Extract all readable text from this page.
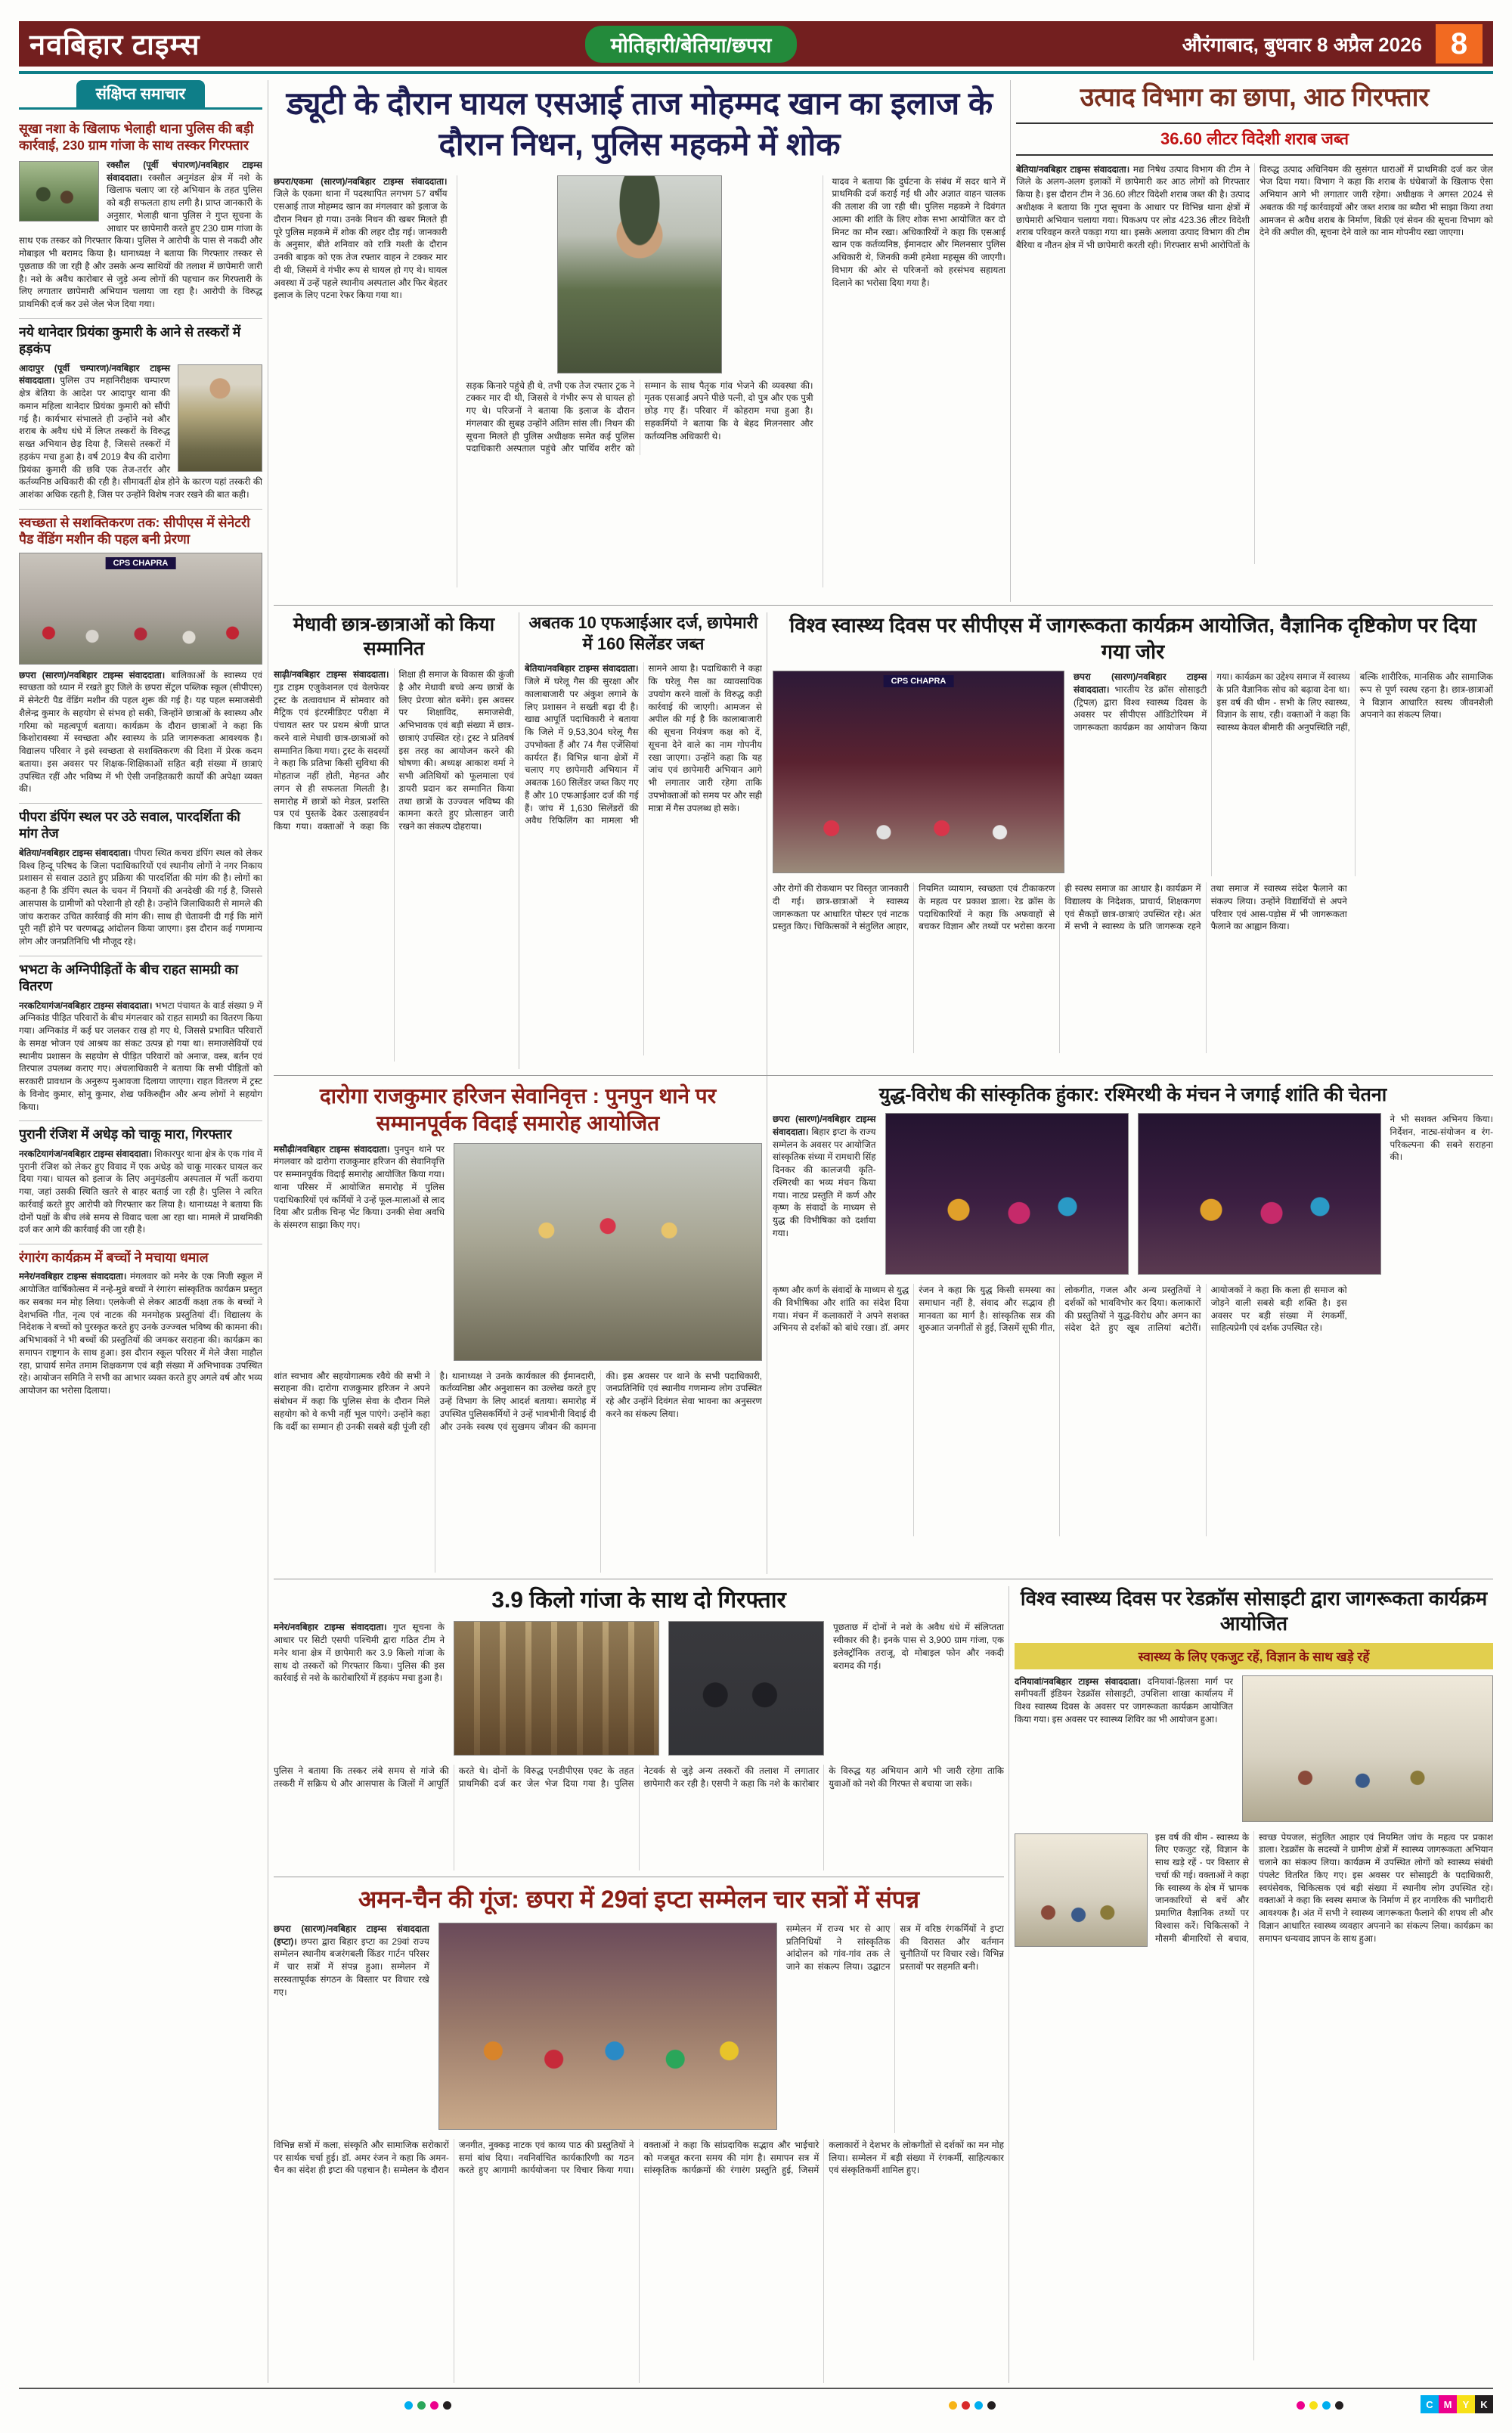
नवबिहार टाइम्स	मोतिहारी/बेतिया/छपरा	औरंगाबाद, बुधवार 8 अप्रैल 2026 8
संक्षिप्त समाचार
सूखा नशा के खिलाफ भेलाही थाना पुलिस की बड़ी कार्रवाई, 230 ग्राम गांजा के साथ तस्कर गिरफ्तार
रक्सौल (पूर्वी चंपारण)/नवबिहार टाइम्स संवाददाता। रक्सौल अनुमंडल क्षेत्र में नशे के खिलाफ चलाए जा रहे अभियान के तहत पुलिस को बड़ी सफलता हाथ लगी है। प्राप्त जानकारी के अनुसार, भेलाही थाना पुलिस ने गुप्त सूचना के आधार पर छापेमारी करते हुए 230 ग्राम गांजा के साथ एक तस्कर को गिरफ्तार किया। पुलिस ने आरोपी के पास से नकदी और मोबाइल भी बरामद किया है। थानाध्यक्ष ने बताया कि गिरफ्तार तस्कर से पूछताछ की जा रही है और उसके अन्य साथियों की तलाश में छापेमारी जारी है। नशे के अवैध कारोबार से जुड़े अन्य लोगों की पहचान कर गिरफ्तारी के लिए लगातार छापेमारी अभियान चलाया जा रहा है। आरोपी के विरुद्ध प्राथमिकी दर्ज कर उसे जेल भेज दिया गया।
नये थानेदार प्रियंका कुमारी के आने से तस्करों में हड़कंप
आदापुर (पूर्वी चम्पारण)/नवबिहार टाइम्स संवाददाता। पुलिस उप महानिरीक्षक चम्पारण क्षेत्र बेतिया के आदेश पर आदापुर थाना की कमान महिला थानेदार प्रियंका कुमारी को सौंपी गई है। कार्यभार संभालते ही उन्होंने नशे और शराब के अवैध धंधे में लिप्त तस्करों के विरुद्ध सख्त अभियान छेड़ दिया है, जिससे तस्करों में हड़कंप मचा हुआ है। वर्ष 2019 बैच की दारोगा प्रियंका कुमारी की छवि एक तेज-तर्रार और कर्तव्यनिष्ठ अधिकारी की रही है। सीमावर्ती क्षेत्र होने के कारण यहां तस्करी की आशंका अधिक रहती है, जिस पर उन्होंने विशेष नजर रखने की बात कही।
स्वच्छता से सशक्तिकरण तक: सीपीएस में सेनेटरी पैड वेंडिंग मशीन की पहल बनी प्रेरणा
CPS CHAPRA
छपरा (सारण)/नवबिहार टाइम्स संवाददाता। बालिकाओं के स्वास्थ्य एवं स्वच्छता को ध्यान में रखते हुए जिले के छपरा सेंट्रल पब्लिक स्कूल (सीपीएस) में सेनेटरी पैड वेंडिंग मशीन की पहल शुरू की गई है। यह पहल समाजसेवी शैलेन्द्र कुमार के सहयोग से संभव हो सकी, जिन्होंने छात्राओं के स्वास्थ्य और गरिमा को महत्वपूर्ण बताया। कार्यक्रम के दौरान छात्राओं ने कहा कि किशोरावस्था में स्वच्छता और स्वास्थ्य के प्रति जागरूकता आवश्यक है। विद्यालय परिवार ने इसे स्वच्छता से सशक्तिकरण की दिशा में प्रेरक कदम बताया। इस अवसर पर शिक्षक-शिक्षिकाओं सहित बड़ी संख्या में छात्राएं उपस्थित रहीं और भविष्य में भी ऐसी जनहितकारी कार्यों की अपेक्षा व्यक्त की।
पीपरा डंपिंग स्थल पर उठे सवाल, पारदर्शिता की मांग तेज
बेतिया/नवबिहार टाइम्स संवाददाता। पीपरा स्थित कचरा डंपिंग स्थल को लेकर विश्व हिन्दू परिषद के जिला पदाधिकारियों एवं स्थानीय लोगों ने नगर निकाय प्रशासन से सवाल उठाते हुए प्रक्रिया की पारदर्शिता की मांग की है। लोगों का कहना है कि डंपिंग स्थल के चयन में नियमों की अनदेखी की गई है, जिससे आसपास के ग्रामीणों को परेशानी हो रही है। उन्होंने जिलाधिकारी से मामले की जांच कराकर उचित कार्रवाई की मांग की। साथ ही चेतावनी दी गई कि मांगें पूरी नहीं होने पर चरणबद्ध आंदोलन किया जाएगा। इस दौरान कई गणमान्य लोग और जनप्रतिनिधि भी मौजूद रहे।
भभटा के अग्निपीड़ितों के बीच राहत सामग्री का वितरण
नरकटियागंज/नवबिहार टाइम्स संवाददाता। भभटा पंचायत के वार्ड संख्या 9 में अग्निकांड पीड़ित परिवारों के बीच मंगलवार को राहत सामग्री का वितरण किया गया। अग्निकांड में कई घर जलकर राख हो गए थे, जिससे प्रभावित परिवारों के समक्ष भोजन एवं आश्रय का संकट उत्पन्न हो गया था। समाजसेवियों एवं स्थानीय प्रशासन के सहयोग से पीड़ित परिवारों को अनाज, वस्त्र, बर्तन एवं तिरपाल उपलब्ध कराए गए। अंचलाधिकारी ने बताया कि सभी पीड़ितों को सरकारी प्रावधान के अनुरूप मुआवजा दिलाया जाएगा। राहत वितरण में ट्रस्ट के विनोद कुमार, सोनू कुमार, शेख फकिरुद्दीन और अन्य लोगों ने सहयोग किया।
पुरानी रंजिश में अधेड़ को चाकू मारा, गिरफ्तार
नरकटियागंज/नवबिहार टाइम्स संवाददाता। शिकारपुर थाना क्षेत्र के एक गांव में पुरानी रंजिश को लेकर हुए विवाद में एक अधेड़ को चाकू मारकर घायल कर दिया गया। घायल को इलाज के लिए अनुमंडलीय अस्पताल में भर्ती कराया गया, जहां उसकी स्थिति खतरे से बाहर बताई जा रही है। पुलिस ने त्वरित कार्रवाई करते हुए आरोपी को गिरफ्तार कर लिया है। थानाध्यक्ष ने बताया कि दोनों पक्षों के बीच लंबे समय से विवाद चला आ रहा था। मामले में प्राथमिकी दर्ज कर आगे की कार्रवाई की जा रही है।
रंगारंग कार्यक्रम में बच्चों ने मचाया धमाल
मनेर/नवबिहार टाइम्स संवाददाता। मंगलवार को मनेर के एक निजी स्कूल में आयोजित वार्षिकोत्सव में नन्हे-मुन्ने बच्चों ने रंगारंग सांस्कृतिक कार्यक्रम प्रस्तुत कर सबका मन मोह लिया। एलकेजी से लेकर आठवीं कक्षा तक के बच्चों ने देशभक्ति गीत, नृत्य एवं नाटक की मनमोहक प्रस्तुतियां दीं। विद्यालय के निदेशक ने बच्चों को पुरस्कृत करते हुए उनके उज्ज्वल भविष्य की कामना की। अभिभावकों ने भी बच्चों की प्रस्तुतियों की जमकर सराहना की। कार्यक्रम का समापन राष्ट्रगान के साथ हुआ। इस दौरान स्कूल परिसर में मेले जैसा माहौल रहा, प्राचार्य समेत तमाम शिक्षकगण एवं बड़ी संख्या में अभिभावक उपस्थित रहे। आयोजन समिति ने सभी का आभार व्यक्त करते हुए अगले वर्ष और भव्य आयोजन का भरोसा दिलाया।
ड्यूटी के दौरान घायल एसआई ताज मोहम्मद खान का इलाज के दौरान निधन, पुलिस महकमे में शोक
छपरा/एकमा (सारण)/नवबिहार टाइम्स संवाददाता। जिले के एकमा थाना में पदस्थापित लगभग 57 वर्षीय एसआई ताज मोहम्मद खान का मंगलवार को इलाज के दौरान निधन हो गया। उनके निधन की खबर मिलते ही पूरे पुलिस महकमे में शोक की लहर दौड़ गई। जानकारी के अनुसार, बीते शनिवार को रात्रि गश्ती के दौरान उनकी बाइक को एक तेज रफ्तार वाहन ने टक्कर मार दी थी, जिसमें वे गंभीर रूप से घायल हो गए थे। घायल अवस्था में उन्हें पहले स्थानीय अस्पताल और फिर बेहतर इलाज के लिए पटना रेफर किया गया था।
सड़क किनारे पहुंचे ही थे, तभी एक तेज रफ्तार ट्रक ने टक्कर मार दी थी, जिससे वे गंभीर रूप से घायल हो गए थे। परिजनों ने बताया कि इलाज के दौरान मंगलवार की सुबह उन्होंने अंतिम सांस ली। निधन की सूचना मिलते ही पुलिस अधीक्षक समेत कई पुलिस पदाधिकारी अस्पताल पहुंचे और पार्थिव शरीर को सम्मान के साथ पैतृक गांव भेजने की व्यवस्था की। मृतक एसआई अपने पीछे पत्नी, दो पुत्र और एक पुत्री छोड़ गए हैं। परिवार में कोहराम मचा हुआ है। सहकर्मियों ने बताया कि वे बेहद मिलनसार और कर्तव्यनिष्ठ अधिकारी थे।
यादव ने बताया कि दुर्घटना के संबंध में सदर थाने में प्राथमिकी दर्ज कराई गई थी और अज्ञात वाहन चालक की तलाश की जा रही थी। पुलिस महकमे ने दिवंगत आत्मा की शांति के लिए शोक सभा आयोजित कर दो मिनट का मौन रखा। अधिकारियों ने कहा कि एसआई खान एक कर्तव्यनिष्ठ, ईमानदार और मिलनसार पुलिस अधिकारी थे, जिनकी कमी हमेशा महसूस की जाएगी। विभाग की ओर से परिजनों को हरसंभव सहायता दिलाने का भरोसा दिया गया है।
उत्पाद विभाग का छापा, आठ गिरफ्तार
36.60 लीटर विदेशी शराब जब्त
बेतिया/नवबिहार टाइम्स संवाददाता। मद्य निषेध उत्पाद विभाग की टीम ने जिले के अलग-अलग इलाकों में छापेमारी कर आठ लोगों को गिरफ्तार किया है। इस दौरान टीम ने 36.60 लीटर विदेशी शराब जब्त की है। उत्पाद अधीक्षक ने बताया कि गुप्त सूचना के आधार पर विभिन्न थाना क्षेत्रों में छापेमारी अभियान चलाया गया। पिकअप पर लोड 423.36 लीटर विदेशी शराब परिवहन करते पकड़ा गया था। इसके अलावा उत्पाद विभाग की टीम बैरिया व नौतन क्षेत्र में भी छापेमारी करती रही। गिरफ्तार सभी आरोपितों के विरुद्ध उत्पाद अधिनियम की सुसंगत धाराओं में प्राथमिकी दर्ज कर जेल भेज दिया गया। विभाग ने कहा कि शराब के धंधेबाजों के खिलाफ ऐसा अभियान आगे भी लगातार जारी रहेगा। अधीक्षक ने अगस्त 2024 से अबतक की गई कार्रवाइयों और जब्त शराब का ब्यौरा भी साझा किया तथा आमजन से अवैध शराब के निर्माण, बिक्री एवं सेवन की सूचना विभाग को देने की अपील की, सूचना देने वाले का नाम गोपनीय रखा जाएगा।
मेधावी छात्र-छात्राओं को किया सम्मानित
साढ़ी/नवबिहार टाइम्स संवाददाता। गुड टाइम एजुकेशनल एवं वेलफेयर ट्रस्ट के तत्वावधान में सोमवार को मैट्रिक एवं इंटरमीडिएट परीक्षा में पंचायत स्तर पर प्रथम श्रेणी प्राप्त करने वाले मेधावी छात्र-छात्राओं को सम्मानित किया गया। ट्रस्ट के सदस्यों ने कहा कि प्रतिभा किसी सुविधा की मोहताज नहीं होती, मेहनत और लगन से ही सफलता मिलती है। समारोह में छात्रों को मेडल, प्रशस्ति पत्र एवं पुस्तकें देकर उत्साहवर्धन किया गया। वक्ताओं ने कहा कि शिक्षा ही समाज के विकास की कुंजी है और मेधावी बच्चे अन्य छात्रों के लिए प्रेरणा स्रोत बनेंगे। इस अवसर पर शिक्षाविद, समाजसेवी, अभिभावक एवं बड़ी संख्या में छात्र-छात्राएं उपस्थित रहे। ट्रस्ट ने प्रतिवर्ष इस तरह का आयोजन करने की घोषणा की। अध्यक्ष आकाश वर्मा ने सभी अतिथियों को फूलमाला एवं डायरी प्रदान कर सम्मानित किया तथा छात्रों के उज्ज्वल भविष्य की कामना करते हुए प्रोत्साहन जारी रखने का संकल्प दोहराया।
अबतक 10 एफआईआर दर्ज, छापेमारी में 160 सिलेंडर जब्त
बेतिया/नवबिहार टाइम्स संवाददाता। जिले में घरेलू गैस की सुरक्षा और कालाबाजारी पर अंकुश लगाने के लिए प्रशासन ने सख्ती बढ़ा दी है। खाद्य आपूर्ति पदाधिकारी ने बताया कि जिले में 9,53,304 घरेलू गैस उपभोक्ता हैं और 74 गैस एजेंसियां कार्यरत हैं। विभिन्न थाना क्षेत्रों में चलाए गए छापेमारी अभियान में अबतक 160 सिलेंडर जब्त किए गए हैं और 10 एफआईआर दर्ज की गई हैं। जांच में 1,630 सिलेंडरों की अवैध रिफिलिंग का मामला भी सामने आया है। पदाधिकारी ने कहा कि घरेलू गैस का व्यावसायिक उपयोग करने वालों के विरुद्ध कड़ी कार्रवाई की जाएगी। आमजन से अपील की गई है कि कालाबाजारी की सूचना नियंत्रण कक्ष को दें, सूचना देने वाले का नाम गोपनीय रखा जाएगा। उन्होंने कहा कि यह जांच एवं छापेमारी अभियान आगे भी लगातार जारी रहेगा ताकि उपभोक्ताओं को समय पर और सही मात्रा में गैस उपलब्ध हो सके।
विश्व स्वास्थ्य दिवस पर सीपीएस में जागरूकता कार्यक्रम आयोजित, वैज्ञानिक दृष्टिकोण पर दिया गया जोर
CPS CHAPRA	छपरा (सारण)/नवबिहार टाइम्स संवाददाता। भारतीय रेड क्रॉस सोसाइटी (ट्रिपल) द्वारा विश्व स्वास्थ्य दिवस के अवसर पर सीपीएस ऑडिटोरियम में जागरूकता कार्यक्रम का आयोजन किया गया। कार्यक्रम का उद्देश्य समाज में स्वास्थ्य के प्रति वैज्ञानिक सोच को बढ़ावा देना था। इस वर्ष की थीम - सभी के लिए स्वास्थ्य, विज्ञान के साथ, रही। वक्ताओं ने कहा कि स्वास्थ्य केवल बीमारी की अनुपस्थिति नहीं, बल्कि शारीरिक, मानसिक और सामाजिक रूप से पूर्ण स्वस्थ रहना है। छात्र-छात्राओं ने विज्ञान आधारित स्वस्थ जीवनशैली अपनाने का संकल्प लिया।
और रोगों की रोकथाम पर विस्तृत जानकारी दी गई। छात्र-छात्राओं ने स्वास्थ्य जागरूकता पर आधारित पोस्टर एवं नाटक प्रस्तुत किए। चिकित्सकों ने संतुलित आहार, नियमित व्यायाम, स्वच्छता एवं टीकाकरण के महत्व पर प्रकाश डाला। रेड क्रॉस के पदाधिकारियों ने कहा कि अफवाहों से बचकर विज्ञान और तथ्यों पर भरोसा करना ही स्वस्थ समाज का आधार है। कार्यक्रम में विद्यालय के निदेशक, प्राचार्य, शिक्षकगण एवं सैकड़ों छात्र-छात्राएं उपस्थित रहे। अंत में सभी ने स्वास्थ्य के प्रति जागरूक रहने तथा समाज में स्वास्थ्य संदेश फैलाने का संकल्प लिया। उन्होंने विद्यार्थियों से अपने परिवार एवं आस-पड़ोस में भी जागरूकता फैलाने का आह्वान किया।
दारोगा राजकुमार हरिजन सेवानिवृत्त : पुनपुन थाने पर सम्मानपूर्वक विदाई समारोह आयोजित
मसौढ़ी/नवबिहार टाइम्स संवाददाता। पुनपुन थाने पर मंगलवार को दारोगा राजकुमार हरिजन की सेवानिवृत्ति पर सम्मानपूर्वक विदाई समारोह आयोजित किया गया। थाना परिसर में आयोजित समारोह में पुलिस पदाधिकारियों एवं कर्मियों ने उन्हें फूल-मालाओं से लाद दिया और प्रतीक चिन्ह भेंट किया। उनकी सेवा अवधि के संस्मरण साझा किए गए।
शांत स्वभाव और सहयोगात्मक रवैये की सभी ने सराहना की। दारोगा राजकुमार हरिजन ने अपने संबोधन में कहा कि पुलिस सेवा के दौरान मिले सहयोग को वे कभी नहीं भूल पाएंगे। उन्होंने कहा कि वर्दी का सम्मान ही उनकी सबसे बड़ी पूंजी रही है। थानाध्यक्ष ने उनके कार्यकाल की ईमानदारी, कर्तव्यनिष्ठा और अनुशासन का उल्लेख करते हुए उन्हें विभाग के लिए आदर्श बताया। समारोह में उपस्थित पुलिसकर्मियों ने उन्हें भावभीनी विदाई दी और उनके स्वस्थ एवं सुखमय जीवन की कामना की। इस अवसर पर थाने के सभी पदाधिकारी, जनप्रतिनिधि एवं स्थानीय गणमान्य लोग उपस्थित रहे और उन्होंने दिवंगत सेवा भावना का अनुसरण करने का संकल्प लिया।
युद्ध-विरोध की सांस्कृतिक हुंकार: रश्मिरथी के मंचन ने जगाई शांति की चेतना
छपरा (सारण)/नवबिहार टाइम्स संवाददाता। बिहार इप्टा के राज्य सम्मेलन के अवसर पर आयोजित सांस्कृतिक संध्या में रामधारी सिंह दिनकर की कालजयी कृति-रश्मिरथी का भव्य मंचन किया गया। नाट्य प्रस्तुति में कर्ण और कृष्ण के संवादों के माध्यम से युद्ध की विभीषिका को दर्शाया गया।
ने भी सशक्त अभिनय किया। निर्देशन, नाट्य-संयोजन व रंग-परिकल्पना की सबने सराहना की।
कृष्ण और कर्ण के संवादों के माध्यम से युद्ध की विभीषिका और शांति का संदेश दिया गया। मंचन में कलाकारों ने अपने सशक्त अभिनय से दर्शकों को बांधे रखा। डॉ. अमर रंजन ने कहा कि युद्ध किसी समस्या का समाधान नहीं है, संवाद और सद्भाव ही मानवता का मार्ग है। सांस्कृतिक सत्र की शुरुआत जनगीतों से हुई, जिसमें सूफी गीत, लोकगीत, गजल और अन्य प्रस्तुतियों ने दर्शकों को भावविभोर कर दिया। कलाकारों की प्रस्तुतियों ने युद्ध-विरोध और अमन का संदेश देते हुए खूब तालियां बटोरीं। आयोजकों ने कहा कि कला ही समाज को जोड़ने वाली सबसे बड़ी शक्ति है। इस अवसर पर बड़ी संख्या में रंगकर्मी, साहित्यप्रेमी एवं दर्शक उपस्थित रहे।
3.9 किलो गांजा के साथ दो गिरफ्तार
मनेर/नवबिहार टाइम्स संवाददाता। गुप्त सूचना के आधार पर सिटी एसपी पश्चिमी द्वारा गठित टीम ने मनेर थाना क्षेत्र में छापेमारी कर 3.9 किलो गांजा के साथ दो तस्करों को गिरफ्तार किया। पुलिस की इस कार्रवाई से नशे के कारोबारियों में हड़कंप मचा हुआ है।
पूछताछ में दोनों ने नशे के अवैध धंधे में संलिप्तता स्वीकार की है। इनके पास से 3,900 ग्राम गांजा, एक इलेक्ट्रॉनिक तराजू, दो मोबाइल फोन और नकदी बरामद की गई।
पुलिस ने बताया कि तस्कर लंबे समय से गांजे की तस्करी में सक्रिय थे और आसपास के जिलों में आपूर्ति करते थे। दोनों के विरुद्ध एनडीपीएस एक्ट के तहत प्राथमिकी दर्ज कर जेल भेज दिया गया है। पुलिस नेटवर्क से जुड़े अन्य तस्करों की तलाश में लगातार छापेमारी कर रही है। एसपी ने कहा कि नशे के कारोबार के विरुद्ध यह अभियान आगे भी जारी रहेगा ताकि युवाओं को नशे की गिरफ्त से बचाया जा सके।
विश्व स्वास्थ्य दिवस पर रेडक्रॉस सोसाइटी द्वारा जागरूकता कार्यक्रम आयोजित
स्वास्थ्य के लिए एकजुट रहें, विज्ञान के साथ खड़े रहें
दनियावां/नवबिहार टाइम्स संवाददाता। दनियावां-हिलसा मार्ग पर समीपवर्ती इंडियन रेडक्रॉस सोसाइटी, उपशिला शाखा कार्यालय में विश्व स्वास्थ्य दिवस के अवसर पर जागरूकता कार्यक्रम आयोजित किया गया। इस अवसर पर स्वास्थ्य शिविर का भी आयोजन हुआ।
इस वर्ष की थीम - स्वास्थ्य के लिए एकजुट रहें, विज्ञान के साथ खड़े रहें - पर विस्तार से चर्चा की गई। वक्ताओं ने कहा कि स्वास्थ्य के क्षेत्र में भ्रामक जानकारियों से बचें और प्रमाणित वैज्ञानिक तथ्यों पर विश्वास करें। चिकित्सकों ने मौसमी बीमारियों से बचाव, स्वच्छ पेयजल, संतुलित आहार एवं नियमित जांच के महत्व पर प्रकाश डाला। रेडक्रॉस के सदस्यों ने ग्रामीण क्षेत्रों में स्वास्थ्य जागरूकता अभियान चलाने का संकल्प लिया। कार्यक्रम में उपस्थित लोगों को स्वास्थ्य संबंधी पंपलेट वितरित किए गए। इस अवसर पर सोसाइटी के पदाधिकारी, स्वयंसेवक, चिकित्सक एवं बड़ी संख्या में स्थानीय लोग उपस्थित रहे। वक्ताओं ने कहा कि स्वस्थ समाज के निर्माण में हर नागरिक की भागीदारी आवश्यक है। अंत में सभी ने स्वास्थ्य जागरूकता फैलाने की शपथ ली और विज्ञान आधारित स्वास्थ्य व्यवहार अपनाने का संकल्प लिया। कार्यक्रम का समापन धन्यवाद ज्ञापन के साथ हुआ।
अमन-चैन की गूंज: छपरा में 29वां इप्टा सम्मेलन चार सत्रों में संपन्न
छपरा (सारण)/नवबिहार टाइम्स संवाददाता (इप्टा)। छपरा द्वारा बिहार इप्टा का 29वां राज्य सम्मेलन स्थानीय बजरंगबली किंडर गार्टन परिसर में चार सत्रों में संपन्न हुआ। सम्मेलन में सरस्वतापूर्वक संगठन के विस्तार पर विचार रखे गए।
सम्मेलन में राज्य भर से आए प्रतिनिधियों ने सांस्कृतिक आंदोलन को गांव-गांव तक ले जाने का संकल्प लिया। उद्घाटन सत्र में वरिष्ठ रंगकर्मियों ने इप्टा की विरासत और वर्तमान चुनौतियों पर विचार रखे। विभिन्न प्रस्तावों पर सहमति बनी।
विभिन्न सत्रों में कला, संस्कृति और सामाजिक सरोकारों पर सार्थक चर्चा हुई। डॉ. अमर रंजन ने कहा कि अमन-चैन का संदेश ही इप्टा की पहचान है। सम्मेलन के दौरान जनगीत, नुक्कड़ नाटक एवं काव्य पाठ की प्रस्तुतियों ने समां बांध दिया। नवनिर्वाचित कार्यकारिणी का गठन करते हुए आगामी कार्ययोजना पर विचार किया गया। वक्ताओं ने कहा कि सांप्रदायिक सद्भाव और भाईचारे को मजबूत करना समय की मांग है। समापन सत्र में सांस्कृतिक कार्यक्रमों की रंगारंग प्रस्तुति हुई, जिसमें कलाकारों ने देशभर के लोकगीतों से दर्शकों का मन मोह लिया। सम्मेलन में बड़ी संख्या में रंगकर्मी, साहित्यकार एवं संस्कृतिकर्मी शामिल हुए।
C	M	Y	K
